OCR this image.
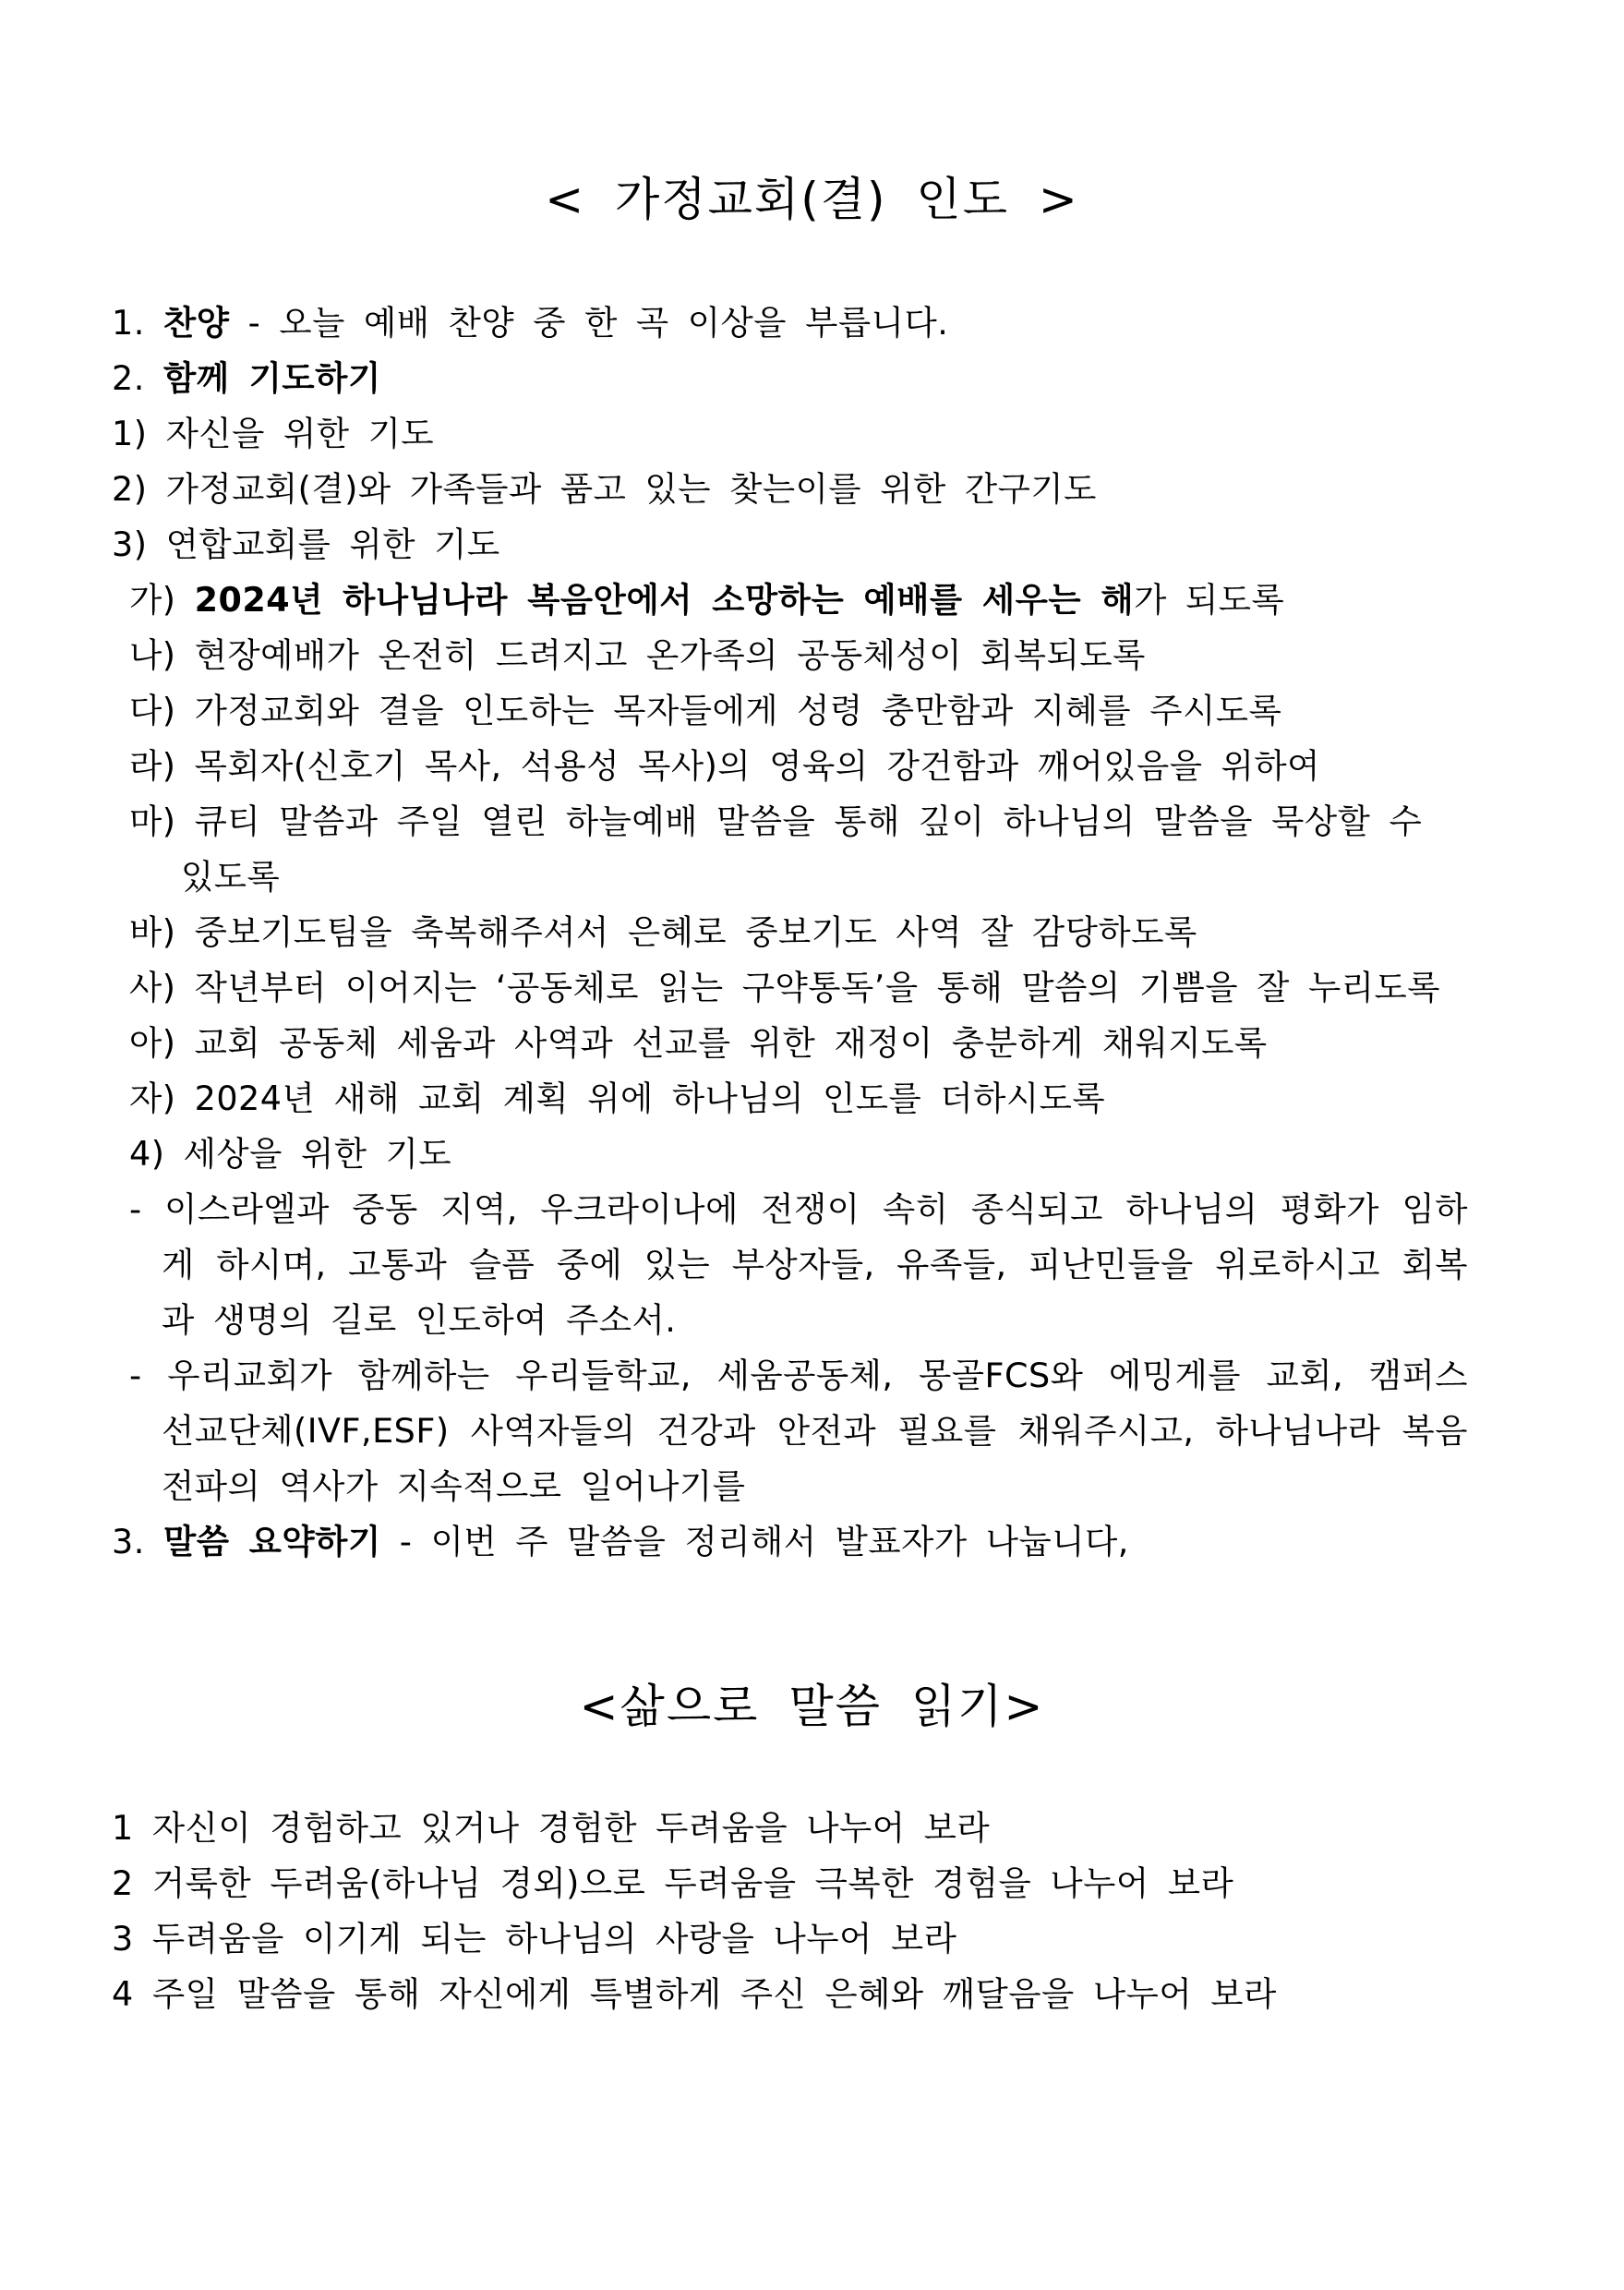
< 가정교회(결) 인도 >

1. 찬양 - 오늘 예배 찬양 중 한 곡 이상을 부릅니다.

2. 함께 기도하기

1) 자신을 위한 기도

2) 가정교회(결)와 가족들과 품고 있는 찾는이를 위한 간구기도

3) 연합교회를 위한 기도

가) 2024년 하나님나라 복음안에서 소망하는 예배를 세우는 해가 되도록

나) 현장예배가 온전히 드려지고 온가족의 공동체성이 회복되도록

다) 가정교회와 결을 인도하는 목자들에게 성령 충만함과 지혜를 주시도록

라) 목회자(신호기 목사, 석용성 목사)의 영육의 강건함과 깨어있음을 위하여

마) 큐티 말씀과 주일 열린 하늘예배 말씀을 통해 깊이 하나님의 말씀을 묵상할 수

있도록

바) 중보기도팀을 축복해주셔서 은혜로 중보기도 사역 잘 감당하도록

사) 작년부터 이어지는 ‘공동체로 읽는 구약통독’을 통해 말씀의 기쁨을 잘 누리도록

아) 교회 공동체 세움과 사역과 선교를 위한 재정이 충분하게 채워지도록

자) 2024년 새해 교회 계획 위에 하나님의 인도를 더하시도록

4) 세상을 위한 기도

- 이스라엘과 중동 지역, 우크라이나에 전쟁이 속히 종식되고 하나님의 평화가 임하

게 하시며, 고통과 슬픔 중에 있는 부상자들, 유족들, 피난민들을 위로하시고 회복

과 생명의 길로 인도하여 주소서.

- 우리교회가 함께하는 우리들학교, 세움공동체, 몽골FCS와 에밍게를 교회, 캠퍼스

선교단체(IVF,ESF) 사역자들의 건강과 안전과 필요를 채워주시고, 하나님나라 복음

전파의 역사가 지속적으로 일어나기를

3. 말씀 요약하기 - 이번 주 말씀을 정리해서 발표자가 나눕니다,

<삶으로 말씀 읽기>

1 자신이 경험하고 있거나 경험한 두려움을 나누어 보라

2 거룩한 두려움(하나님 경외)으로 두려움을 극복한 경험을 나누어 보라

3 두려움을 이기게 되는 하나님의 사랑을 나누어 보라

4 주일 말씀을 통해 자신에게 특별하게 주신 은혜와 깨달음을 나누어 보라
